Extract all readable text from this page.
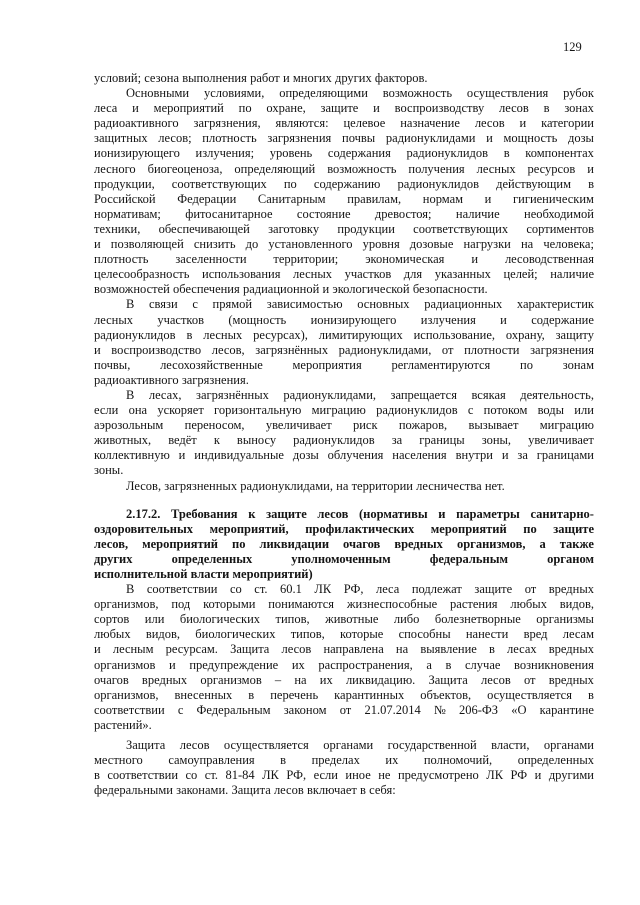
129
условий; сезона выполнения работ и многих других факторов.
Основными условиями, определяющими возможность осуществления рубок
леса и мероприятий по охране, защите и воспроизводству лесов в зонах
радиоактивного загрязнения, являются: целевое назначение лесов и категории
защитных лесов; плотность загрязнения почвы радионуклидами и мощность дозы
ионизирующего излучения; уровень содержания радионуклидов в компонентах
лесного биогеоценоза, определяющий возможность получения лесных ресурсов и
продукции, соответствующих по содержанию радионуклидов действующим в
Российской Федерации Санитарным правилам, нормам и гигиеническим
нормативам; фитосанитарное состояние древостоя; наличие необходимой
техники, обеспечивающей заготовку продукции соответствующих сортиментов
и позволяющей снизить до установленного уровня дозовые нагрузки на человека;
плотность заселенности территории; экономическая и лесоводственная
целесообразность использования лесных участков для указанных целей; наличие
возможностей обеспечения радиационной и экологической безопасности.
В связи с прямой зависимостью основных радиационных характеристик
лесных участков (мощность ионизирующего излучения и содержание
радионуклидов в лесных ресурсах), лимитирующих использование, охрану, защиту
и воспроизводство лесов, загрязнённых радионуклидами, от плотности загрязнения
почвы, лесохозяйственные мероприятия регламентируются по зонам
радиоактивного загрязнения.
В лесах, загрязнённых радионуклидами, запрещается всякая деятельность,
если она ускоряет горизонтальную миграцию радионуклидов с потоком воды или
аэрозольным переносом, увеличивает риск пожаров, вызывает миграцию
животных, ведёт к выносу радионуклидов за границы зоны, увеличивает
коллективную и индивидуальные дозы облучения населения внутри и за границами
зоны.
Лесов, загрязненных радионуклидами, на территории лесничества нет.
2.17.2. Требования к защите лесов (нормативы и параметры санитарно-
оздоровительных мероприятий, профилактических мероприятий по защите
лесов, мероприятий по ликвидации очагов вредных организмов, а также
других	определенных	уполномоченным	федеральным	органом
исполнительной власти мероприятий)
В соответствии со ст. 60.1 ЛК РФ, леса подлежат защите от вредных
организмов, под которыми понимаются жизнеспособные растения любых видов,
сортов или биологических типов, животные либо болезнетворные организмы
любых видов, биологических типов, которые способны нанести вред лесам
и лесным ресурсам. Защита лесов направлена на выявление в лесах вредных
организмов и предупреждение их распространения, а в случае возникновения
очагов вредных организмов – на их ликвидацию. Защита лесов от вредных
организмов, внесенных в перечень карантинных объектов, осуществляется в
соответствии с Федеральным законом от 21.07.2014 № 206-ФЗ «О карантине
растений».
Защита лесов осуществляется органами государственной власти, органами
местного самоуправления в пределах их полномочий, определенных
в соответствии со ст. 81-84 ЛК РФ, если иное не предусмотрено ЛК РФ и другими
федеральными законами. Защита лесов включает в себя:
